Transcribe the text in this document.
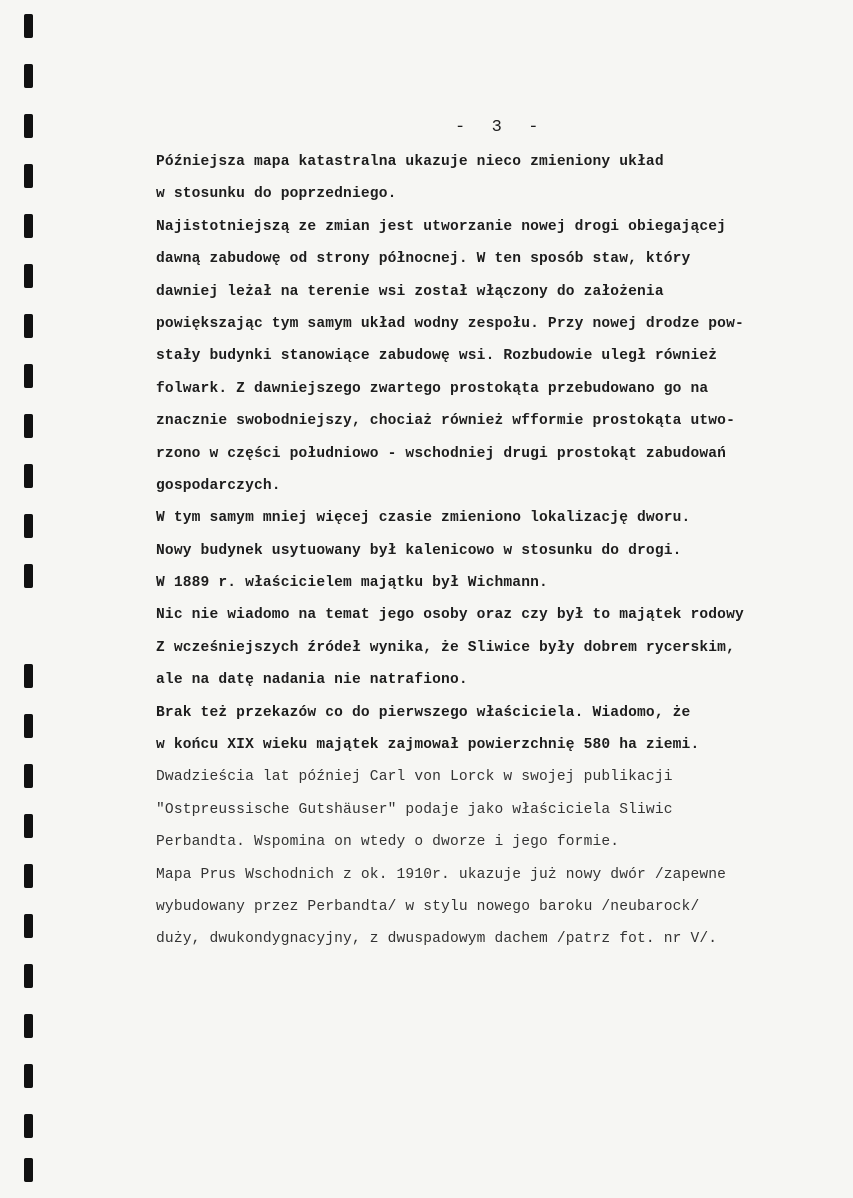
-  3  -
Późniejsza mapa katastralna ukazuje nieco zmieniony układ
w stosunku do poprzedniego.
Najistotniejszą ze zmian jest utworzanie nowej drogi obiegającej
dawną zabudowę od strony północnej. W ten sposób staw, który
dawniej leżał na terenie wsi został włączony do założenia
powiększając tym samym układ wodny zespołu. Przy nowej drodze pow-
stały budynki stanowiące zabudowę wsi. Rozbudowie uległ również
folwark. Z dawniejszego zwartego prostokąta przebudowano go na
znacznie swobodniejszy, chociaż również wfformie prostokąta utwo-
rzono w części południowo - wschodniej drugi prostokąt zabudowań
gospodarczych.
W tym samym mniej więcej czasie zmieniono lokalizację dworu.
Nowy budynek usytuowany był kalenicowo w stosunku do drogi.
W 1889 r. właścicielem majątku był Wichmann.
Nic nie wiadomo na temat jego osoby oraz czy był to majątek rodowy
Z wcześniejszych źródeł wynika, że Sliwice były dobrem rycerskim,
ale na datę nadania nie natrafiono.
Brak też przekazów co do pierwszego właściciela. Wiadomo, że
w końcu XIX wieku majątek zajmował powierzchnię 580 ha ziemi.
Dwadzieścia lat później Carl von Lorck w swojej publikacji
"Ostpreussische Gutshäuser" podaje jako właściciela Sliwic
Perbandta. Wspomina on wtedy o dworze i jego formie.
Mapa Prus Wschodnich z ok. 1910r. ukazuje już nowy dwór /zapewne
wybudowany przez Perbandta/ w stylu nowego baroku /neubarock/
duży, dwukondygnacyjny, z dwuspadowym dachem /patrz fot. nr V/.
